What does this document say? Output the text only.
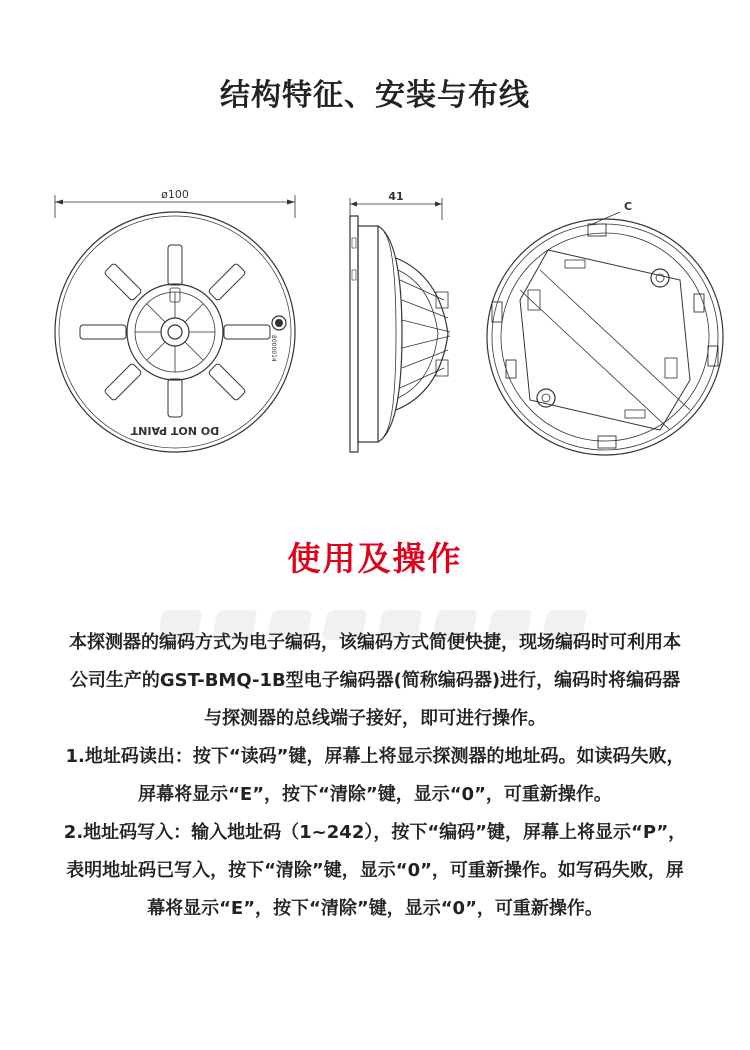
结构特征、安装与布线
8000014
ø100
DO NOT PAINT
41
C
使用及操作

本探测器的编码方式为电子编码，该编码方式简便快捷，现场编码时可利用本公司生产的GST-BMQ-1B型电子编码器(简称编码器)进行，编码时将编码器与探测器的总线端子接好，即可进行操作。

1.地址码读出：按下“读码”键，屏幕上将显示探测器的地址码。如读码失败，屏幕将显示“E”，按下“清除”键，显示“0”，可重新操作。

2.地址码写入：输入地址码（1~242），按下“编码”键，屏幕上将显示“P”，表明地址码已写入，按下“清除”键，显示“0”，可重新操作。如写码失败，屏幕将显示“E”，按下“清除”键，显示“0”，可重新操作。
